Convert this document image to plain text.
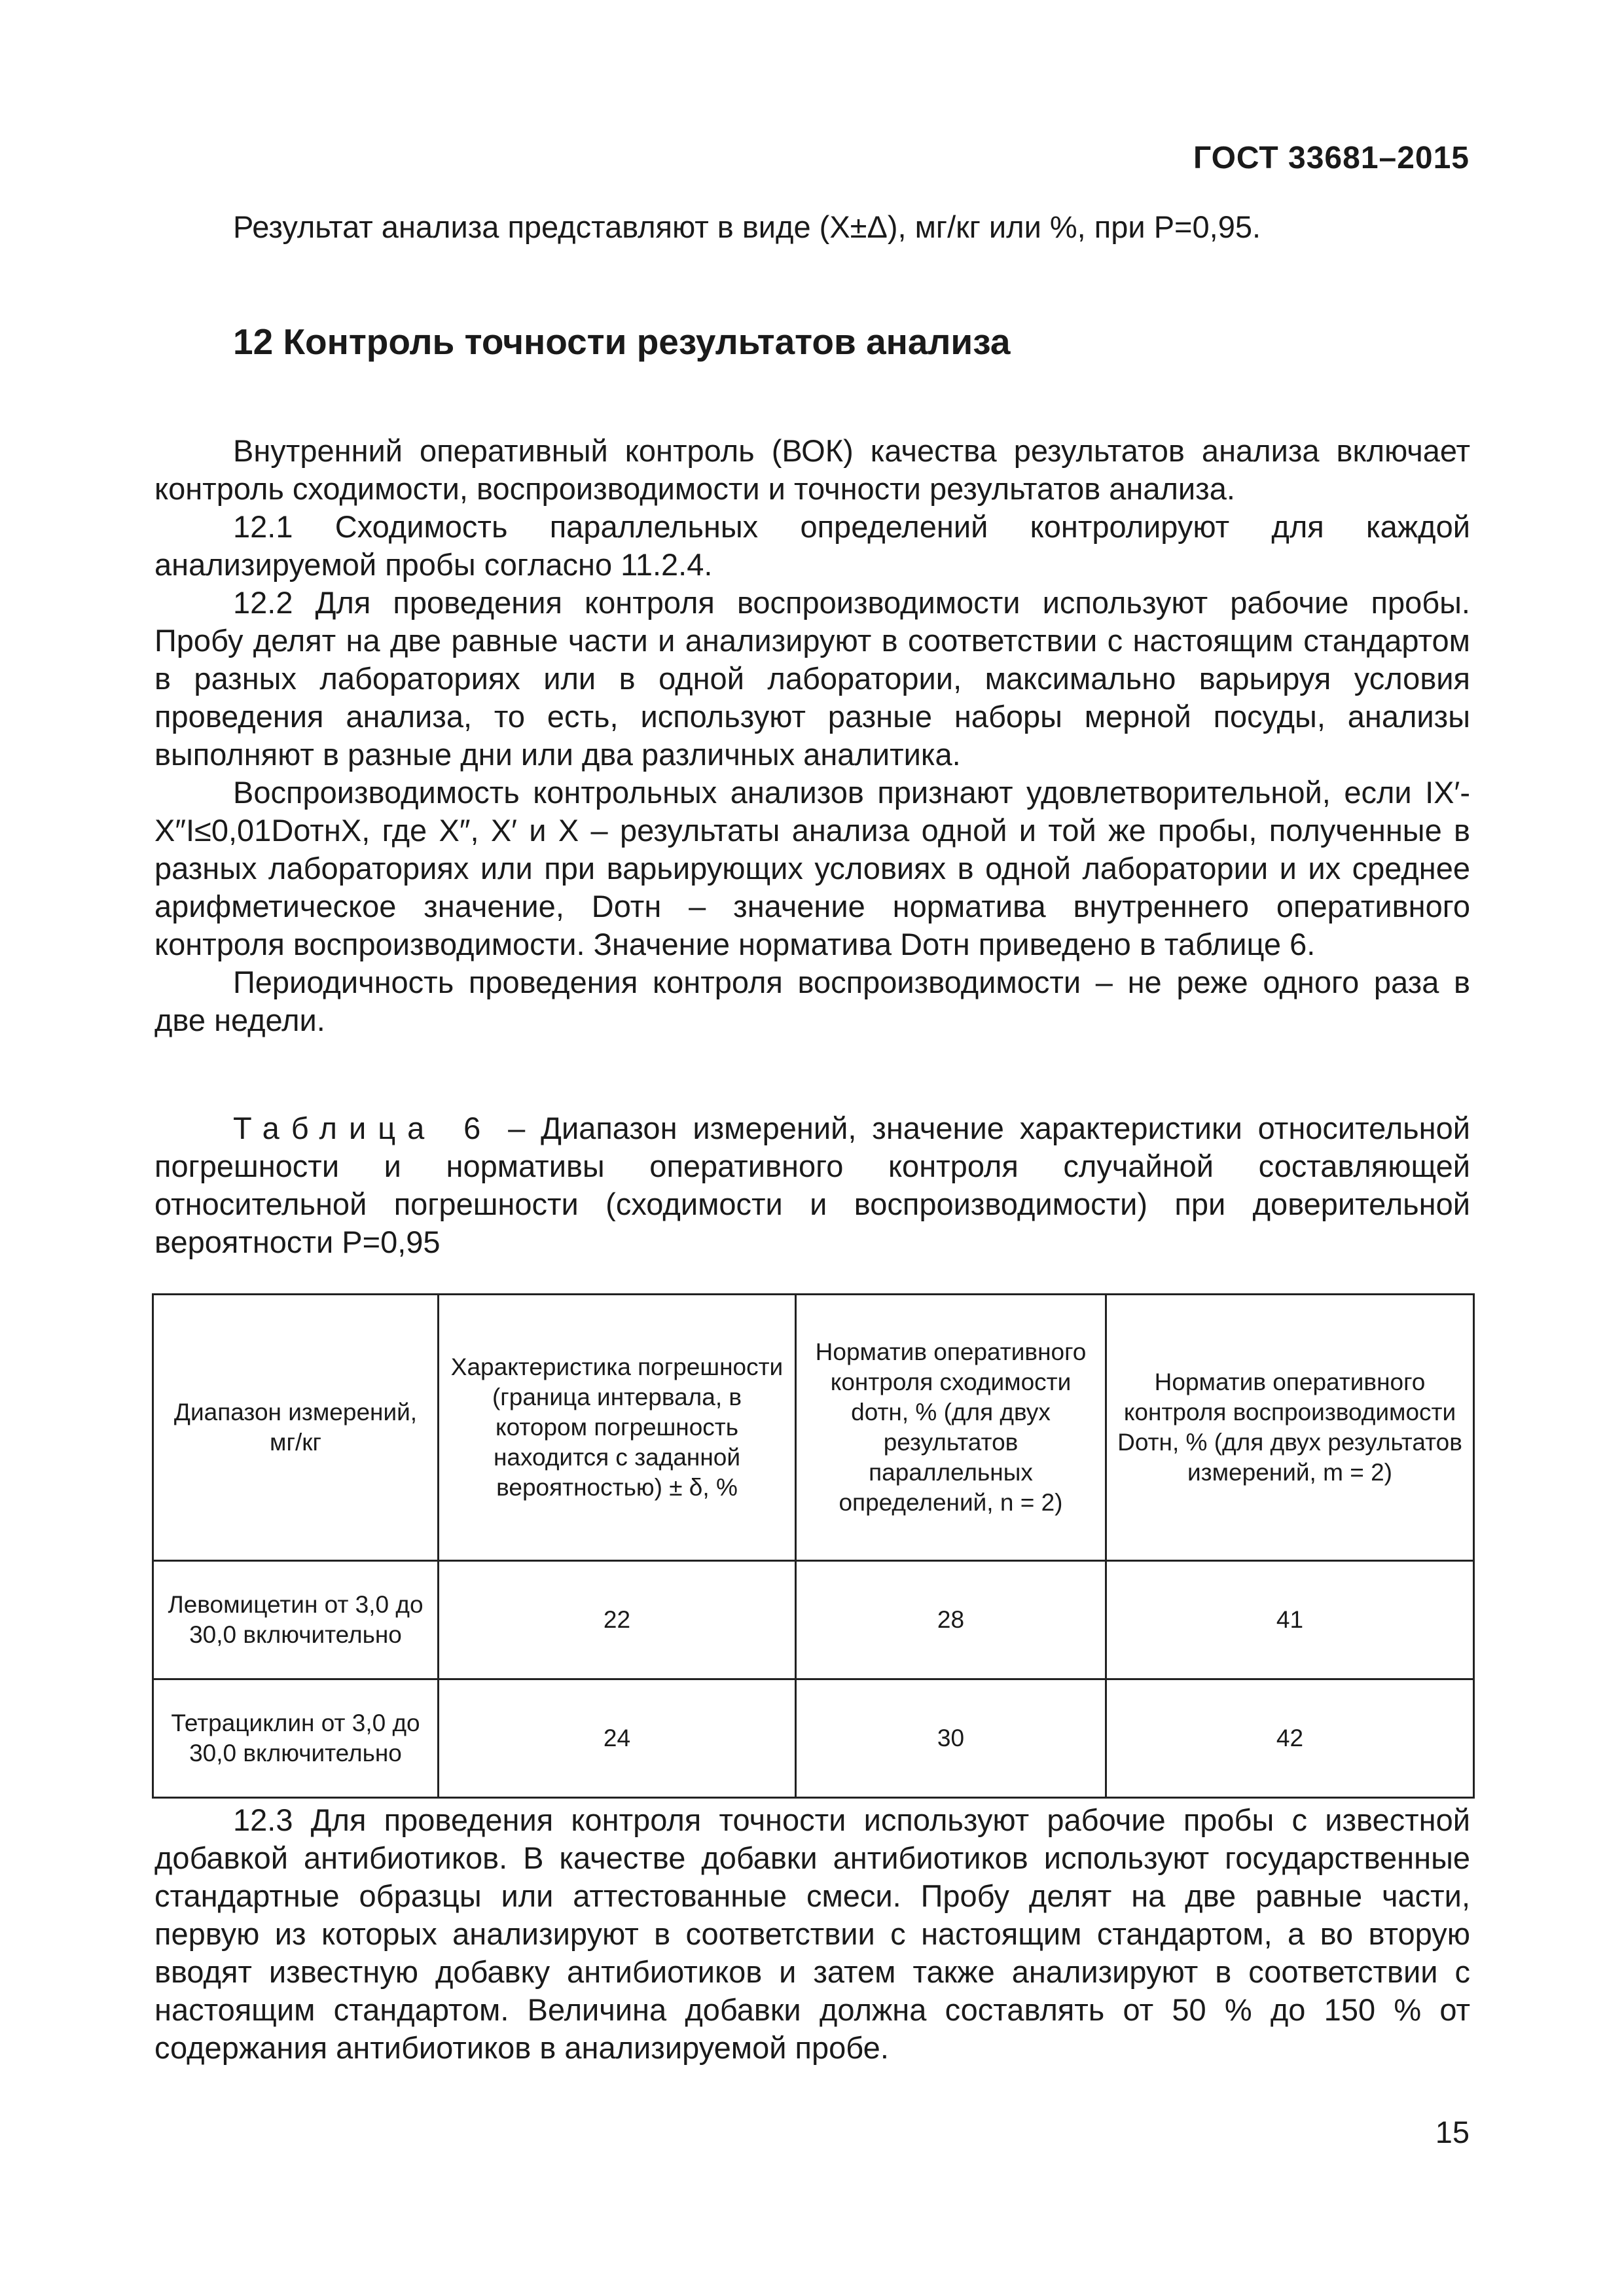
ГОСТ 33681–2015

Результат анализа представляют в виде (X±Δ), мг/кг или %, при P=0,95.

12 Контроль точности результатов анализа

Внутренний оперативный контроль (ВОК) качества результатов анализа включает контроль сходимости, воспроизводимости и точности результатов анализа.

12.1 Сходимость параллельных определений контролируют для каждой анализируемой пробы согласно 11.2.4.

12.2 Для проведения контроля воспроизводимости используют рабочие пробы. Пробу делят на две равные части и анализируют в соответствии с настоящим стандартом в разных лабораториях или в одной лаборатории, максимально варьируя условия проведения анализа, то есть, используют разные наборы мерной посуды, анализы выполняют в разные дни или два различных аналитика.

Воспроизводимость контрольных анализов признают удовлетворительной, если IX′-X″I≤0,01DотнX, где X″, X′ и X – результаты анализа одной и той же пробы, полученные в разных лабораториях или при варьирующих условиях в одной лаборатории и их среднее арифметическое значение, Dотн – значение норматива внутреннего оперативного контроля воспроизводимости. Значение норматива Dотн приведено в таблице 6.

Периодичность проведения контроля воспроизводимости – не реже одного раза в две недели.

Таблица 6 – Диапазон измерений, значение характеристики относительной погрешности и нормативы оперативного контроля случайной составляющей относительной погрешности (сходимости и воспроизводимости) при доверительной вероятности P=0,95
Диапазон измерений, мг/кг	Характеристика погрешности (граница интервала, в котором погрешность находится с заданной вероятностью) ± δ, %	Норматив оперативного контроля сходимости dотн, % (для двух результатов параллельных определений, n = 2)	Норматив оперативного контроля воспроизводимости Dотн, % (для двух результатов измерений, m = 2)
Левомицетин от 3,0 до 30,0 включительно	22	28	41
Тетрациклин от 3,0 до 30,0 включительно	24	30	42

12.3 Для проведения контроля точности используют рабочие пробы с известной добавкой антибиотиков. В качестве добавки антибиотиков используют государственные стандартные образцы или аттестованные смеси. Пробу делят на две равные части, первую из которых анализируют в соответствии с настоящим стандартом, а во вторую вводят известную добавку антибиотиков и затем также анализируют в соответствии с настоящим стандартом. Величина добавки должна составлять от 50 % до 150 % от содержания антибиотиков в анализируемой пробе.

15
